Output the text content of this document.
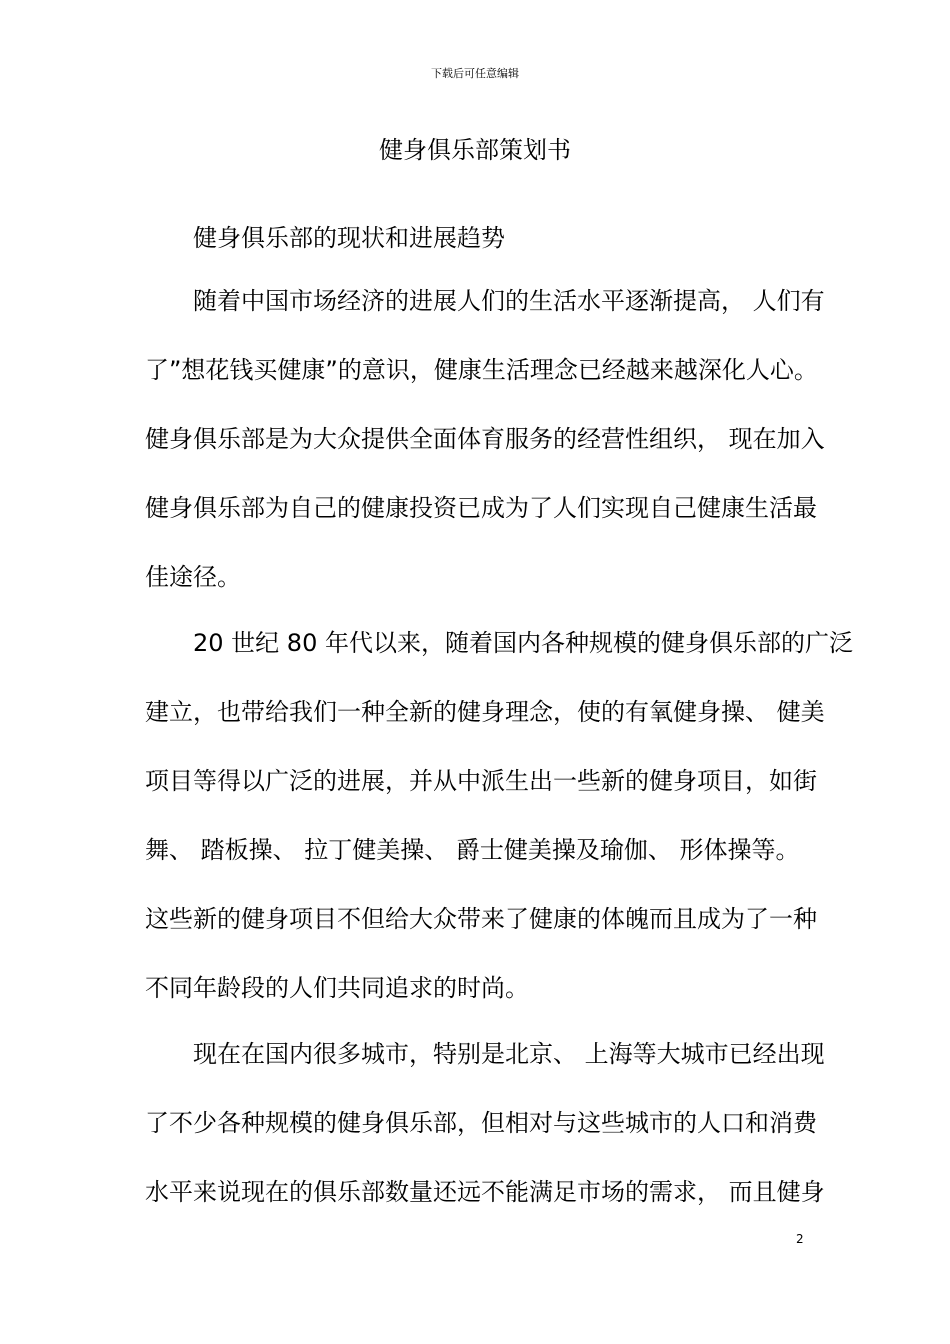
下载后可任意编辑
健身俱乐部策划书
健身俱乐部的现状和进展趋势
随着中国市场经济的进展人们的生活水平逐渐提高， 人们有
了”想花钱买健康”的意识，健康生活理念已经越来越深化人心。
健身俱乐部是为大众提供全面体育服务的经营性组织， 现在加入
健身俱乐部为自己的健康投资已成为了人们实现自己健康生活最
佳途径。
20 世纪 80 年代以来，随着国内各种规模的健身俱乐部的广泛
建立，也带给我们一种全新的健身理念，使的有氧健身操、 健美
项目等得以广泛的进展，并从中派生出一些新的健身项目，如街
舞、 踏板操、 拉丁健美操、 爵士健美操及瑜伽、 形体操等。
这些新的健身项目不但给大众带来了健康的体魄而且成为了一种
不同年龄段的人们共同追求的时尚。
现在在国内很多城市，特别是北京、 上海等大城市已经出现
了不少各种规模的健身俱乐部，但相对与这些城市的人口和消费
水平来说现在的俱乐部数量还远不能满足市场的需求， 而且健身
2
